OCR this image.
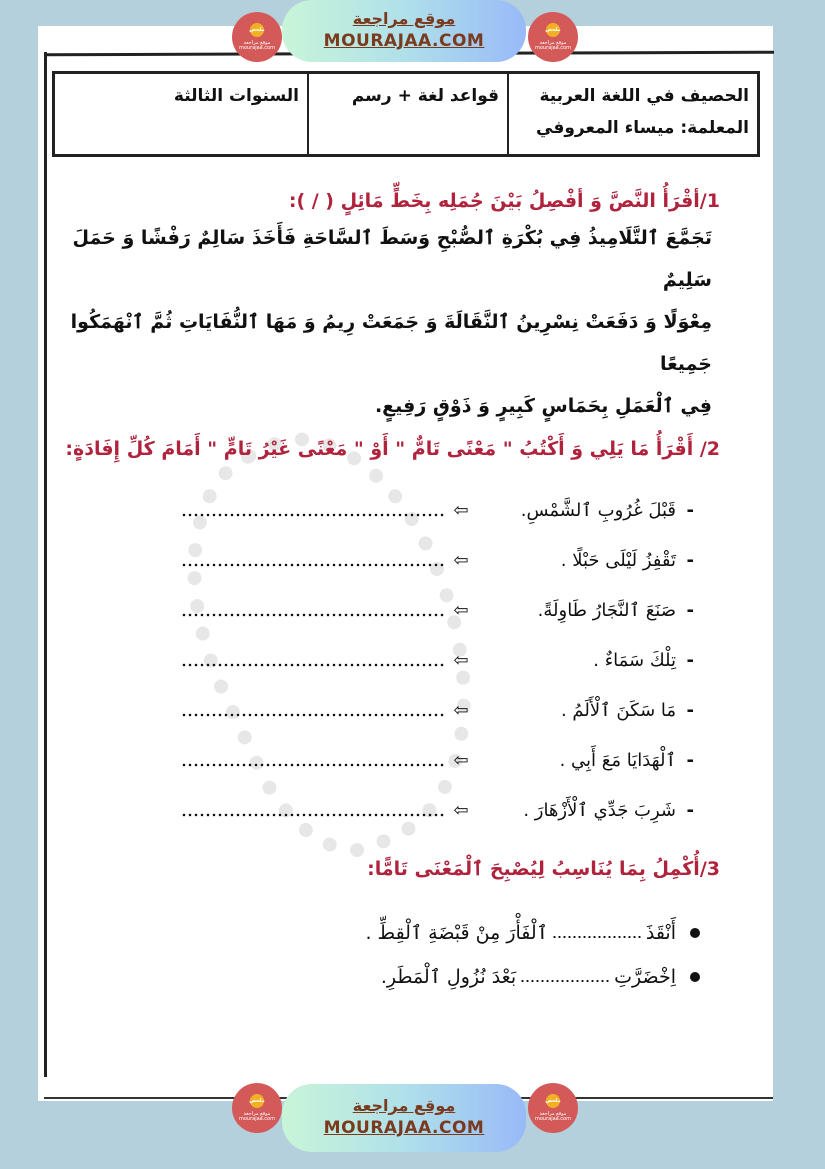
الحصيف في اللغة العربية
المعلمة: ميساء المعروفي
قواعد لغة + رسم
السنوات الثالثة
1/أقْرَأُ النَّصَّ وَ أفْصِلُ بَيْنَ جُمَلِه بِخَطٍّ مَائِلٍ ( / ):
تَجَمَّعَ ٱلتَّلَامِيذُ فِي بُكْرَةِ ٱلصُّبْحِ وَسَطَ ٱلسَّاحَةِ فَأَخَذَ سَالِمٌ رَفْشًا وَ حَمَلَ سَلِيمٌ
مِعْوَلًا وَ دَفَعَتْ نِسْرِينُ ٱلنَّقَالَةَ وَ جَمَعَتْ رِيمُ وَ مَهَا ٱلنُّفَايَاتِ ثُمَّ ٱنْهَمَكُوا جَمِيعًا
فِي ٱلْعَمَلِ بِحَمَاسٍ كَبِيرٍ وَ ذَوْقٍ رَفِيعٍ.
2/ أَقْرَأُ مَا يَلِي وَ أَكْتُبُ " مَعْنًى تَامٌّ " أَوْ " مَعْنًى غَيْرُ تَامٍّ " أَمَامَ كُلِّ إِفَادَةٍ:
-
قَبْلَ غُرُوبِ ٱلشَّمْسِ.
⇦
-
تَقْفِزُ لَيْلَى حَبْلًا .
⇦
-
صَنَعَ ٱلنَّجَارُ طَاوِلَةً.
⇦
-
تِلْكَ سَمَاءٌ .
⇦
-
مَا سَكَنَ ٱلْأَلَمُ .
⇦
-
ٱلْهَدَايَا مَعَ أَبِي .
⇦
-
شَرِبَ جَدِّي ٱلْأَزْهَارَ .
⇦
3/أُكْمِلُ بِمَا يُنَاسِبُ لِيُصْبِحَ ٱلْمَعْنَى تَامًّا:
أَنْقَذَ
ٱلْفَأْرَ مِنْ قَبْضَةِ ٱلْقِطِّ .
اِخْضَرَّتِ
بَعْدَ نُزُولِ ٱلْمَطَرِ.
ملخص
موقع مراجعة mourajaa.com
موقع مراجعة
MOURAJAA.COM
ملخص
موقع مراجعة mourajaa.com
ملخص
موقع مراجعة mourajaa.com
موقع مراجعة
MOURAJAA.COM
ملخص
موقع مراجعة mourajaa.com
